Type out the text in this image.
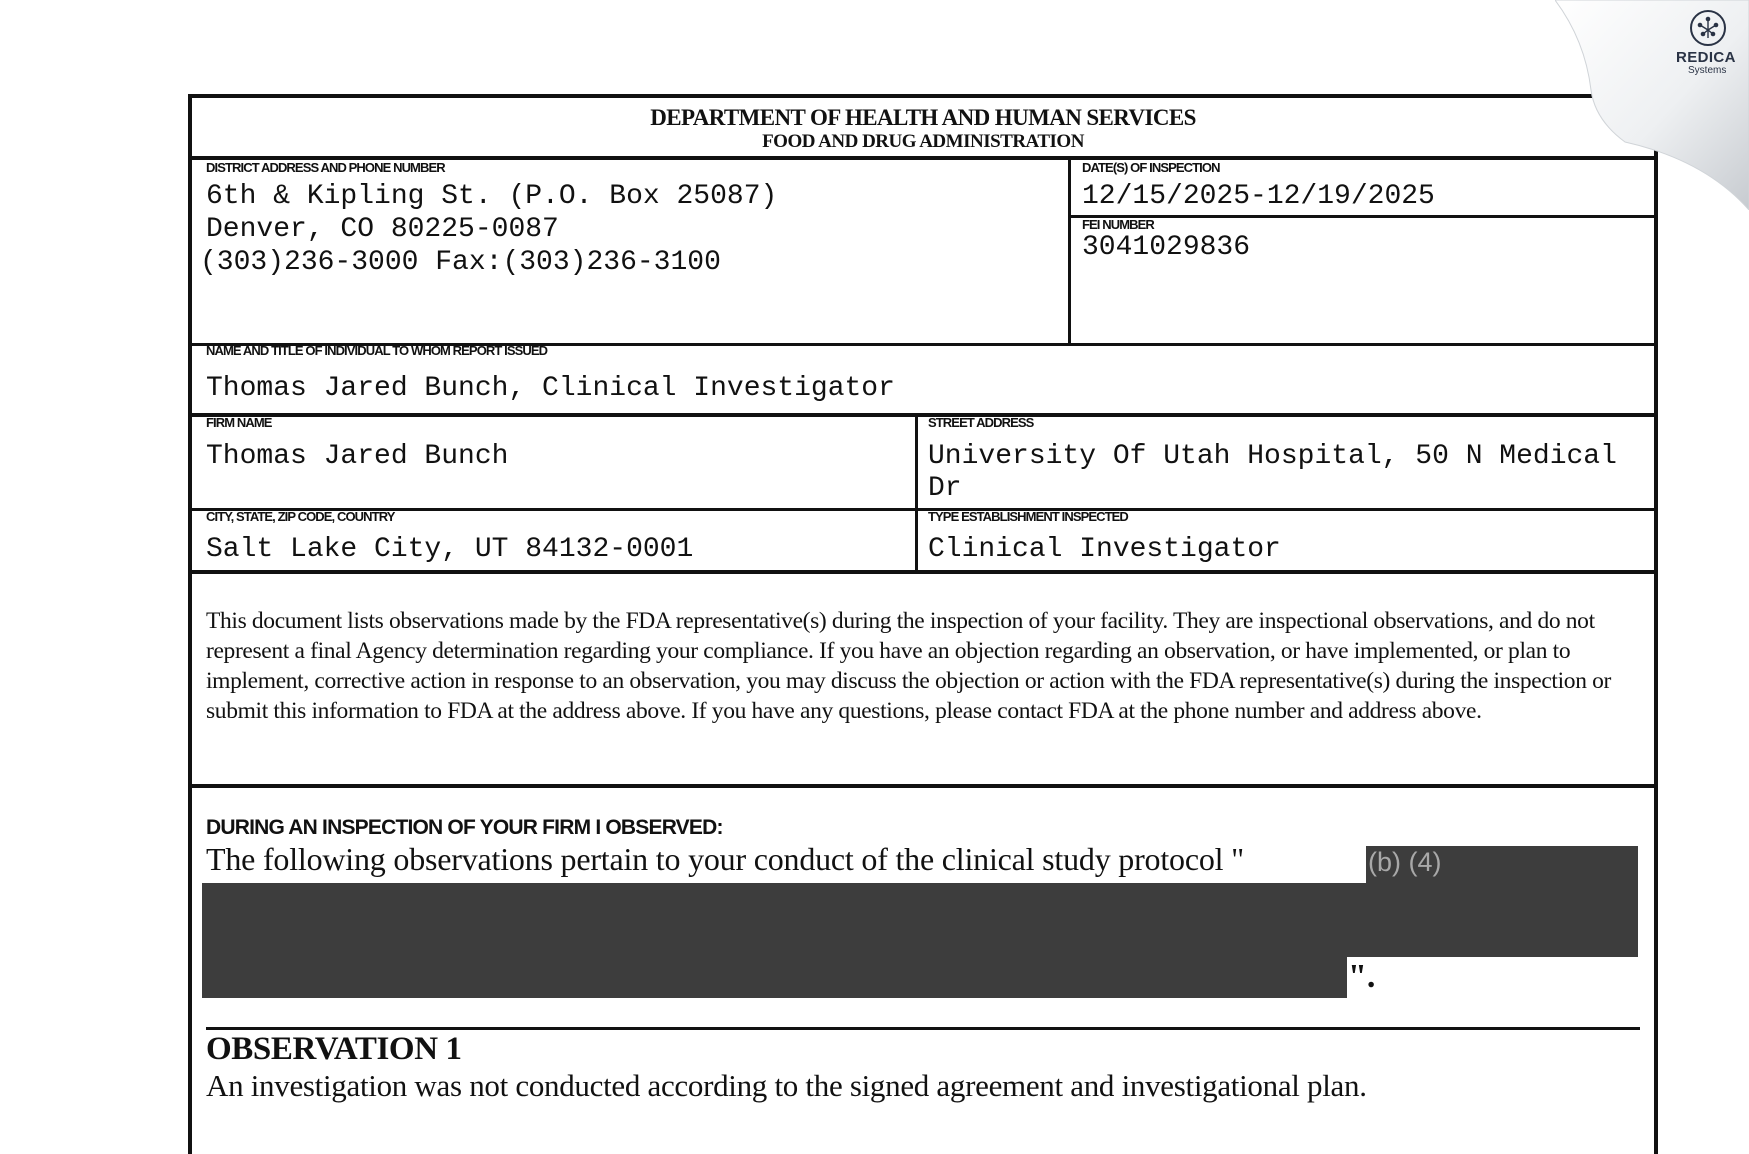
DEPARTMENT OF HEALTH AND HUMAN SERVICES
FOOD AND DRUG ADMINISTRATION
DISTRICT ADDRESS AND PHONE NUMBER
6th & Kipling St. (P.O. Box 25087)
Denver, CO 80225-0087
(303)236-3000 Fax:(303)236-3100
DATE(S) OF INSPECTION
12/15/2025-12/19/2025
FEI NUMBER
3041029836
NAME AND TITLE OF INDIVIDUAL TO WHOM REPORT ISSUED
Thomas Jared Bunch, Clinical Investigator
FIRM NAME
Thomas Jared Bunch
STREET ADDRESS
University Of Utah Hospital, 50 N Medical
Dr
CITY, STATE, ZIP CODE, COUNTRY
Salt Lake City, UT 84132-0001
TYPE ESTABLISHMENT INSPECTED
Clinical Investigator
This document lists observations made by the FDA representative(s) during the inspection of your facility. They are inspectional observations, and do not represent a final Agency determination regarding your compliance. If you have an objection regarding an observation, or have implemented, or plan to implement, corrective action in response to an observation, you may discuss the objection or action with the FDA representative(s) during the inspection or submit this information to FDA at the address above. If you have any questions, please contact FDA at the phone number and address above.
DURING AN INSPECTION OF YOUR FIRM I OBSERVED:
The following observations pertain to your conduct of the clinical study protocol "	(b) (4)
".
OBSERVATION 1
An investigation was not conducted according to the signed agreement and investigational plan.
REDICA
Systems
